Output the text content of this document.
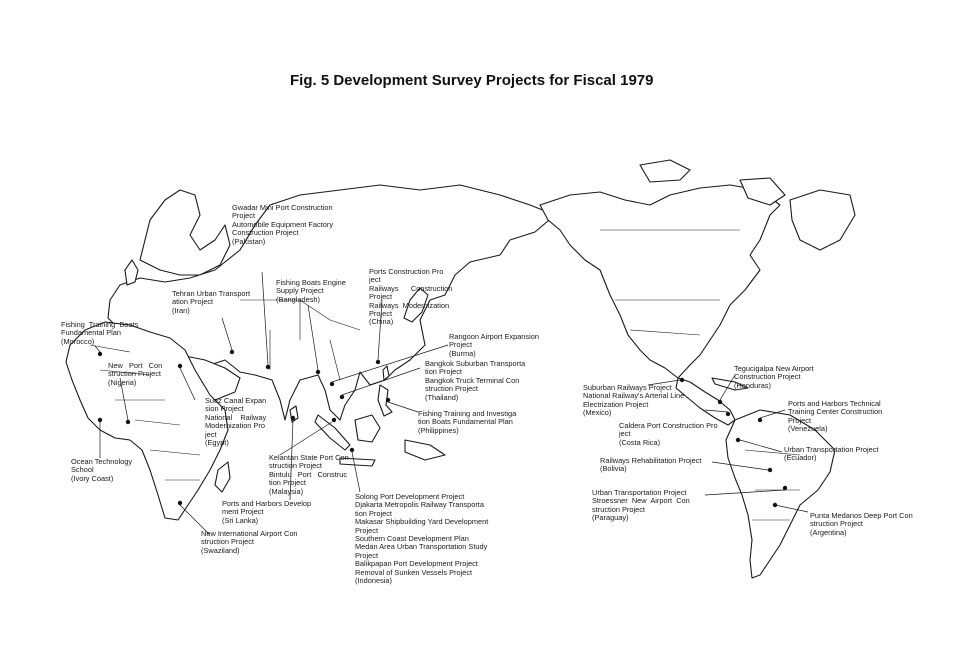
Fig. 5 Development Survey Projects for Fiscal 1979
Gwadar Mini Port Construction
Project
Automobile Equipment Factory
Construction Project
(Pakistan)
Tehran Urban Transport
ation Project
(Iran)
Fishing Boats Engine
Supply Project
(Bangladesh)
Ports Construction Pro
ject
Railways      Construction
Project
Railways  Modernization
Project
(China)
Fishing  Training  Boats
Fundamental Plan
(Morocco)
New   Port   Con
struction Project
(Nigeria)
Rangoon Airport Expansion
Project
(Burma)
Bangkok Suburban Transporta
tion Project
Bangkok Truck Terminal Con
struction Project
(Thailand)
Suez Canal Expan
sion Project
National    Railway
Modernization Pro
ject
(Egypt)
Fishing Training and Investiga
tion Boats Fundamental Plan
(Philippines)
Ocean Technology
School
(Ivory Coast)
Kelantan State Port Con
struction Project
Bintulu   Port   Construc
tion Project
(Malaysia)
Ports and Harbors Develop
ment Project
(Sri Lanka)
New International Airport Con
struction Project
(Swaziland)
Solong Port Development Project
Djakarta Metropolis Railway Transporta
tion Project
Makasar Shipbuilding Yard Development
Project
Southern Coast Development Plan
Medan Area Urban Transportation Study
Project
Balikpapan Port Development Project
Removal of Sunken Vessels Project
(Indonesia)
Suburban Railways Project
National Railway's Arterial Line
Electrization Project
(Mexico)
Tegucigalpa New Airport
Construction Project
(Honduras)
Ports and Harbors Technical
Training Center Construction
Project
(Venezuela)
Caldera Port Construction Pro
ject
(Costa Rica)
Urban Transportation Project
(Ecuador)
Railways Rehabilitation Project
(Bolivia)
Urban Transportation Project
Stroessner  New  Airport  Con
struction Project
(Paraguay)	Punta Medanos Deep Port Con
struction Project
(Argentina)
